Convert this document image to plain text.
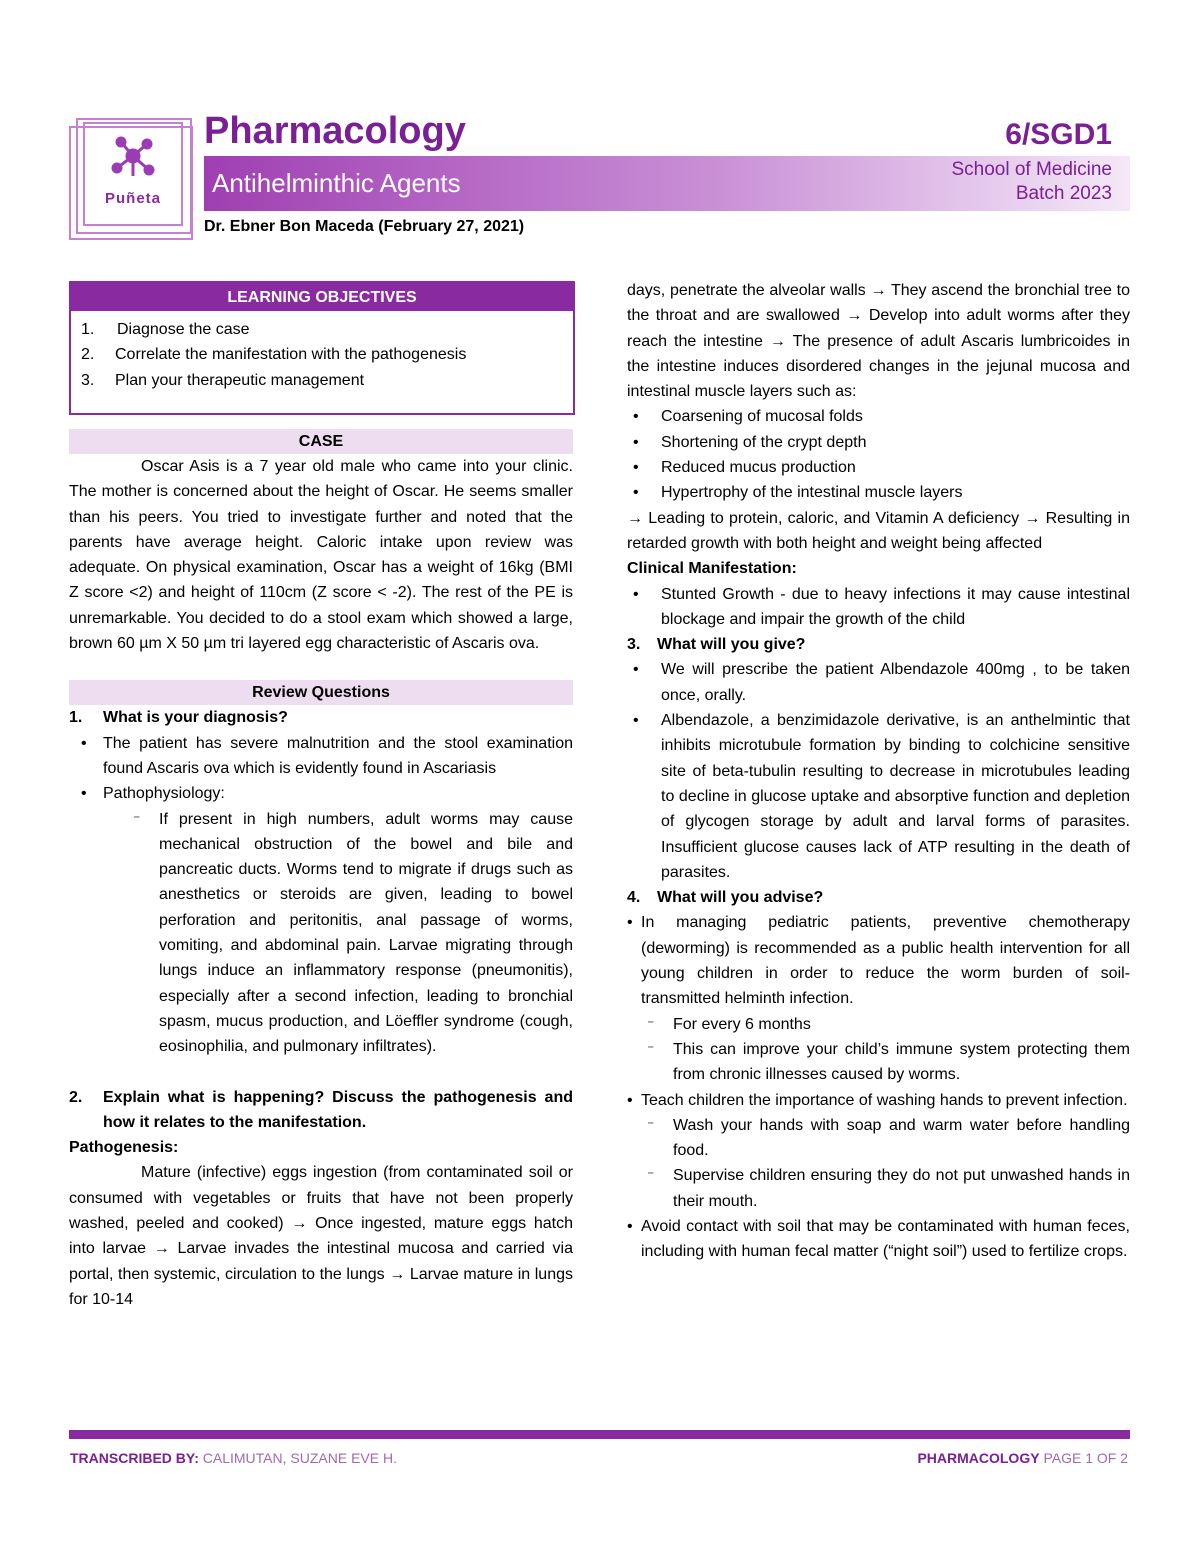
Puñeta
Pharmacology
Antihelminthic Agents
6/SGD1
School of Medicine
Batch 2023
Dr. Ebner Bon Maceda (February 27, 2021)
LEARNING OBJECTIVES
1.	Diagnose the case
2.	Correlate the manifestation with the pathogenesis
3.	Plan your therapeutic management
CASE

Oscar Asis is a 7 year old male who came into your clinic. The mother is concerned about the height of Oscar. He seems smaller than his peers. You tried to investigate further and noted that the parents have average height. Caloric intake upon review was adequate. On physical examination, Oscar has a weight of 16kg (BMI Z score <2) and height of 110cm (Z score < -2). The rest of the PE is unremarkable. You decided to do a stool exam which showed a large, brown 60 µm X 50 µm tri layered egg characteristic of Ascaris ova.

Review Questions
1.	What is your diagnosis?
•	The patient has severe malnutrition and the stool examination found Ascaris ova which is evidently found in Ascariasis
•	Pathophysiology:
⁻	If present in high numbers, adult worms may cause mechanical obstruction of the bowel and bile and pancreatic ducts. Worms tend to migrate if drugs such as anesthetics or steroids are given, leading to bowel perforation and peritonitis, anal passage of worms, vomiting, and abdominal pain. Larvae migrating through lungs induce an inflammatory response (pneumonitis), especially after a second infection, leading to bronchial spasm, mucus production, and Löeffler syndrome (cough, eosinophilia, and pulmonary infiltrates).
2.	Explain what is happening? Discuss the pathogenesis and how it relates to the manifestation.

Pathogenesis:

Mature (infective) eggs ingestion (from contaminated soil or consumed with vegetables or fruits that have not been properly washed, peeled and cooked) → Once ingested, mature eggs hatch into larvae → Larvae invades the intestinal mucosa and carried via portal, then systemic, circulation to the lungs → Larvae mature in lungs for 10-14

days, penetrate the alveolar walls → They ascend the bronchial tree to the throat and are swallowed → Develop into adult worms after they reach the intestine → The presence of adult Ascaris lumbricoides in the intestine induces disordered changes in the jejunal mucosa and intestinal muscle layers such as:

•	Coarsening of mucosal folds
•	Shortening of the crypt depth
•	Reduced mucus production
•	Hypertrophy of the intestinal muscle layers

→ Leading to protein, caloric, and Vitamin A deficiency → Resulting in retarded growth with both height and weight being affected

Clinical Manifestation:

•	Stunted Growth - due to heavy infections it may cause intestinal blockage and impair the growth of the child
3.	What will you give?
•	We will prescribe the patient Albendazole 400mg , to be taken once, orally.
•	Albendazole, a benzimidazole derivative, is an anthelmintic that inhibits microtubule formation by binding to colchicine sensitive site of beta-tubulin resulting to decrease in microtubules leading to decline in glucose uptake and absorptive function and depletion of glycogen storage by adult and larval forms of parasites. Insufficient glucose causes lack of ATP resulting in the death of parasites.
4.	What will you advise?
• In managing pediatric patients, preventive chemotherapy (deworming) is recommended as a public health intervention for all young children in order to reduce the worm burden of soil-transmitted helminth infection.
⁻	For every 6 months
⁻	This can improve your child’s immune system protecting them from chronic illnesses caused by worms.
• Teach children the importance of washing hands to prevent infection.
⁻	Wash your hands with soap and warm water before handling food.
⁻	Supervise children ensuring they do not put unwashed hands in their mouth.
• Avoid contact with soil that may be contaminated with human feces, including with human fecal matter (“night soil”) used to fertilize crops.
TRANSCRIBED BY: CALIMUTAN, SUZANE EVE H.	PHARMACOLOGY PAGE 1 OF 2
